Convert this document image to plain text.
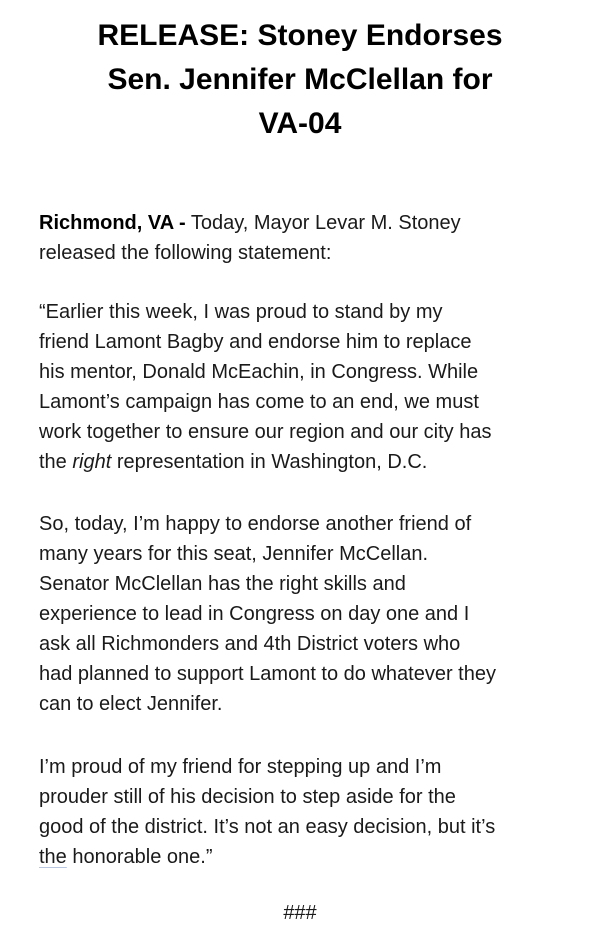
RELEASE: Stoney Endorses
Sen. Jennifer McClellan for
VA-04

Richmond, VA - Today, Mayor Levar M. Stoney
released the following statement:

“Earlier this week, I was proud to stand by my
friend Lamont Bagby and endorse him to replace
his mentor, Donald McEachin, in Congress. While
Lamont’s campaign has come to an end, we must
work together to ensure our region and our city has
the right representation in Washington, D.C.

So, today, I’m happy to endorse another friend of
many years for this seat, Jennifer McCellan.
Senator McClellan has the right skills and
experience to lead in Congress on day one and I
ask all Richmonders and 4th District voters who
had planned to support Lamont to do whatever they
can to elect Jennifer.

I’m proud of my friend for stepping up and I’m
prouder still of his decision to step aside for the
good of the district. It’s not an easy decision, but it’s
the honorable one.”

###
